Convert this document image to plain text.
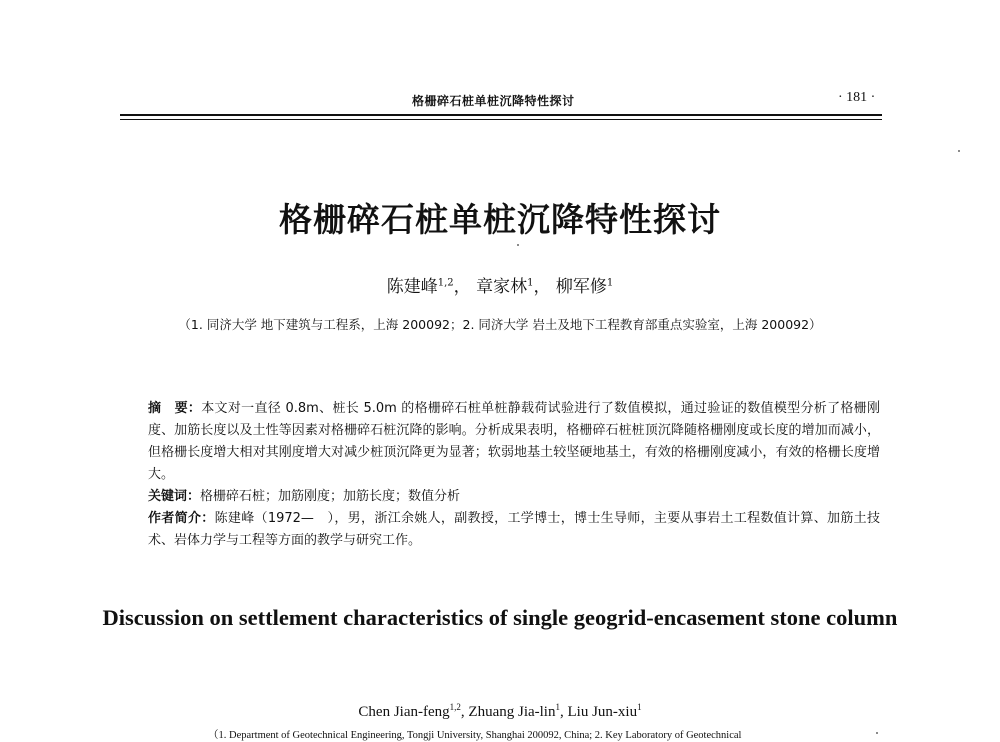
格栅碎石桩单桩沉降特性探讨	· 181 ·
格栅碎石桩单桩沉降特性探讨
陈建峰$^{1,2}$， 章家林$^1$， 柳军修$^1$
（1. 同济大学 地下建筑与工程系，上海 200092；2. 同济大学 岩土及地下工程教育部重点实验室，上海 200092）

摘　要：本文对一直径 0.8m、桩长 5.0m 的格栅碎石桩单桩静载荷试验进行了数值模拟，通过验证的数值模型分析了格栅刚度、加筋长度以及土性等因素对格栅碎石桩沉降的影响。分析成果表明，格栅碎石桩桩顶沉降随格栅刚度或长度的增加而减小，但格栅长度增大相对其刚度增大对减少桩顶沉降更为显著；软弱地基土较坚硬地基土，有效的格栅刚度减小，有效的格栅长度增大。

关键词：格栅碎石桩；加筋刚度；加筋长度；数值分析

作者简介：陈建峰（1972—　），男，浙江余姚人，副教授，工学博士，博士生导师，主要从事岩土工程数值计算、加筋土技术、岩体力学与工程等方面的教学与研究工作。

Discussion on settlement characteristics of single geogrid-encasement stone column
Chen Jian-feng$^{1,2}$, Zhuang Jia-lin$^1$, Liu Jun-xiu$^1$
（1. Department of Geotechnical Engineering, Tongji University, Shanghai 200092, China; 2. Key Laboratory of Geotechnical
